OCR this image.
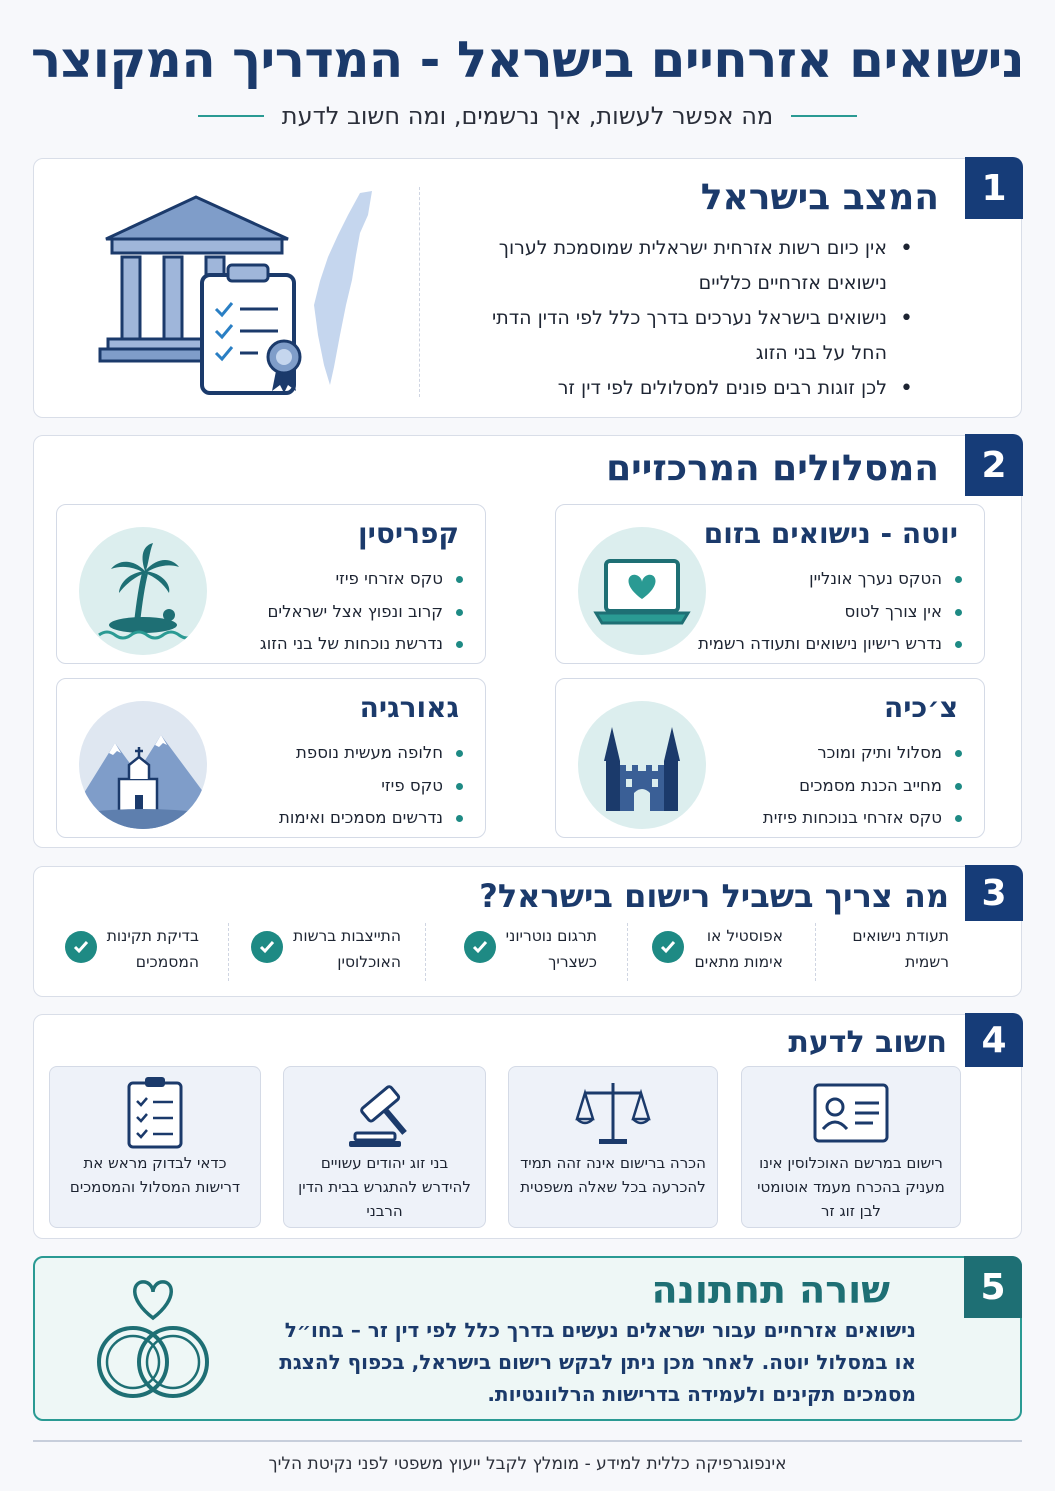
נישואים אזרחיים בישראל - המדריך המקוצר
מה אפשר לעשות, איך נרשמים, ומה חשוב לדעת
1
המצב בישראל
• אין כיום רשות אזרחית ישראלית שמוסמכת לערוך נישואים אזרחיים כלליים
• נישואים בישראל נערכים בדרך כלל לפי הדין הדתי החל על בני הזוג
• לכן זוגות רבים פונים למסלולים לפי דין זר
2
המסלולים המרכזיים
יוטה - נישואים בזום
הטקס נערך אונליין
אין צורך לטוס
נדרש רישיון נישואים ותעודה רשמית
קפריסין
טקס אזרחי פיזי
קרוב ונפוץ אצל ישראלים
נדרשת נוכחות של בני הזוג
צ׳כיה
מסלול ותיק ומוכר
מחייב הכנת מסמכים
טקס אזרחי בנוכחות פיזית
גאורגיה
חלופה מעשית נוספת
טקס פיזי
נדרשים מסמכים ואימות
3
מה צריך בשביל רישום בישראל?
תעודת נישואים
רשמית
אפוסטיל או
אימות מתאים
תרגום נוטריוני
כשצריך
התייצבות ברשות
האוכלוסין
בדיקת תקינות
המסמכים
4
חשוב לדעת
רישום במרשם האוכלוסין אינו מעניק בהכרח מעמד אוטומטי לבן זוג זר
הכרה ברישום אינה זהה תמיד להכרעה בכל שאלה משפטית
בני זוג יהודים עשויים להידרש להתגרש בבית הדין הרבני
כדאי לבדוק מראש את דרישות המסלול והמסמכים
5
שורה תחתונה

נישואים אזרחיים עבור ישראלים נעשים בדרך כלל לפי דין זר – בחו״ל או במסלול יוטה. לאחר מכן ניתן לבקש רישום בישראל, בכפוף להצגת מסמכים תקינים ולעמידה בדרישות הרלוונטיות.

אינפוגרפיקה כללית למידע - מומלץ לקבל ייעוץ משפטי לפני נקיטת הליך
